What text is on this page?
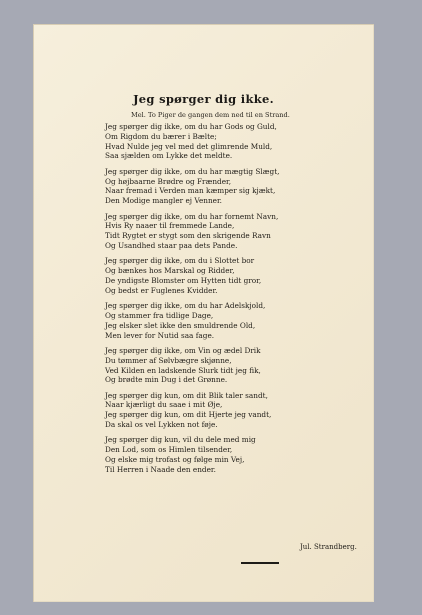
Jeg spørger dig ikke.
Mel. To Piger de gangen dem ned til en Strand.
Jeg spørger dig ikke, om du har Gods og Guld,
Om Rigdom du bærer i Bælte;
Hvad Nulde jeg vel med det glimrende Muld,
Saa sjælden om Lykke det meldte.
Jeg spørger dig ikke, om du har mægtig Slægt,
Og højbaarne Brødre og Frænder,
Naar fremad i Verden man kæmper sig kjækt,
Den Modige mangler ej Venner.
Jeg spørger dig ikke, om du har fornemt Navn,
Hvis Ry naaer til fremmede Lande,
Tidt Rygtet er stygt som den skrigende Ravn
Og Usandhed staar paa dets Pande.
Jeg spørger dig ikke, om du i Slottet bor
Og bænkes hos Marskal og Ridder,
De yndigste Blomster om Hytten tidt gror,
Og bedst er Fuglenes Kvidder.
Jeg spørger dig ikke, om du har Adelskjold,
Og stammer fra tidlige Dage,
Jeg elsker slet ikke den smuldrende Old,
Men lever for Nutid saa fage.
Jeg spørger dig ikke, om Vin og ædel Drik
Du tømmer af Sølvbægre skjønne,
Ved Kilden en ladskende Slurk tidt jeg fik,
Og brødte min Dug i det Grønne.
Jeg spørger dig kun, om dit Blik taler sandt,
Naar kjærligt du saae i mit Øje,
Jeg spørger dig kun, om dit Hjerte jeg vandt,
Da skal os vel Lykken not føje.
Jeg spørger dig kun, vil du dele med mig
Den Lod, som os Himlen tilsender,
Og elske mig trofast og følge min Vej,
Til Herren i Naade den ender.
Jul. Strandberg.
